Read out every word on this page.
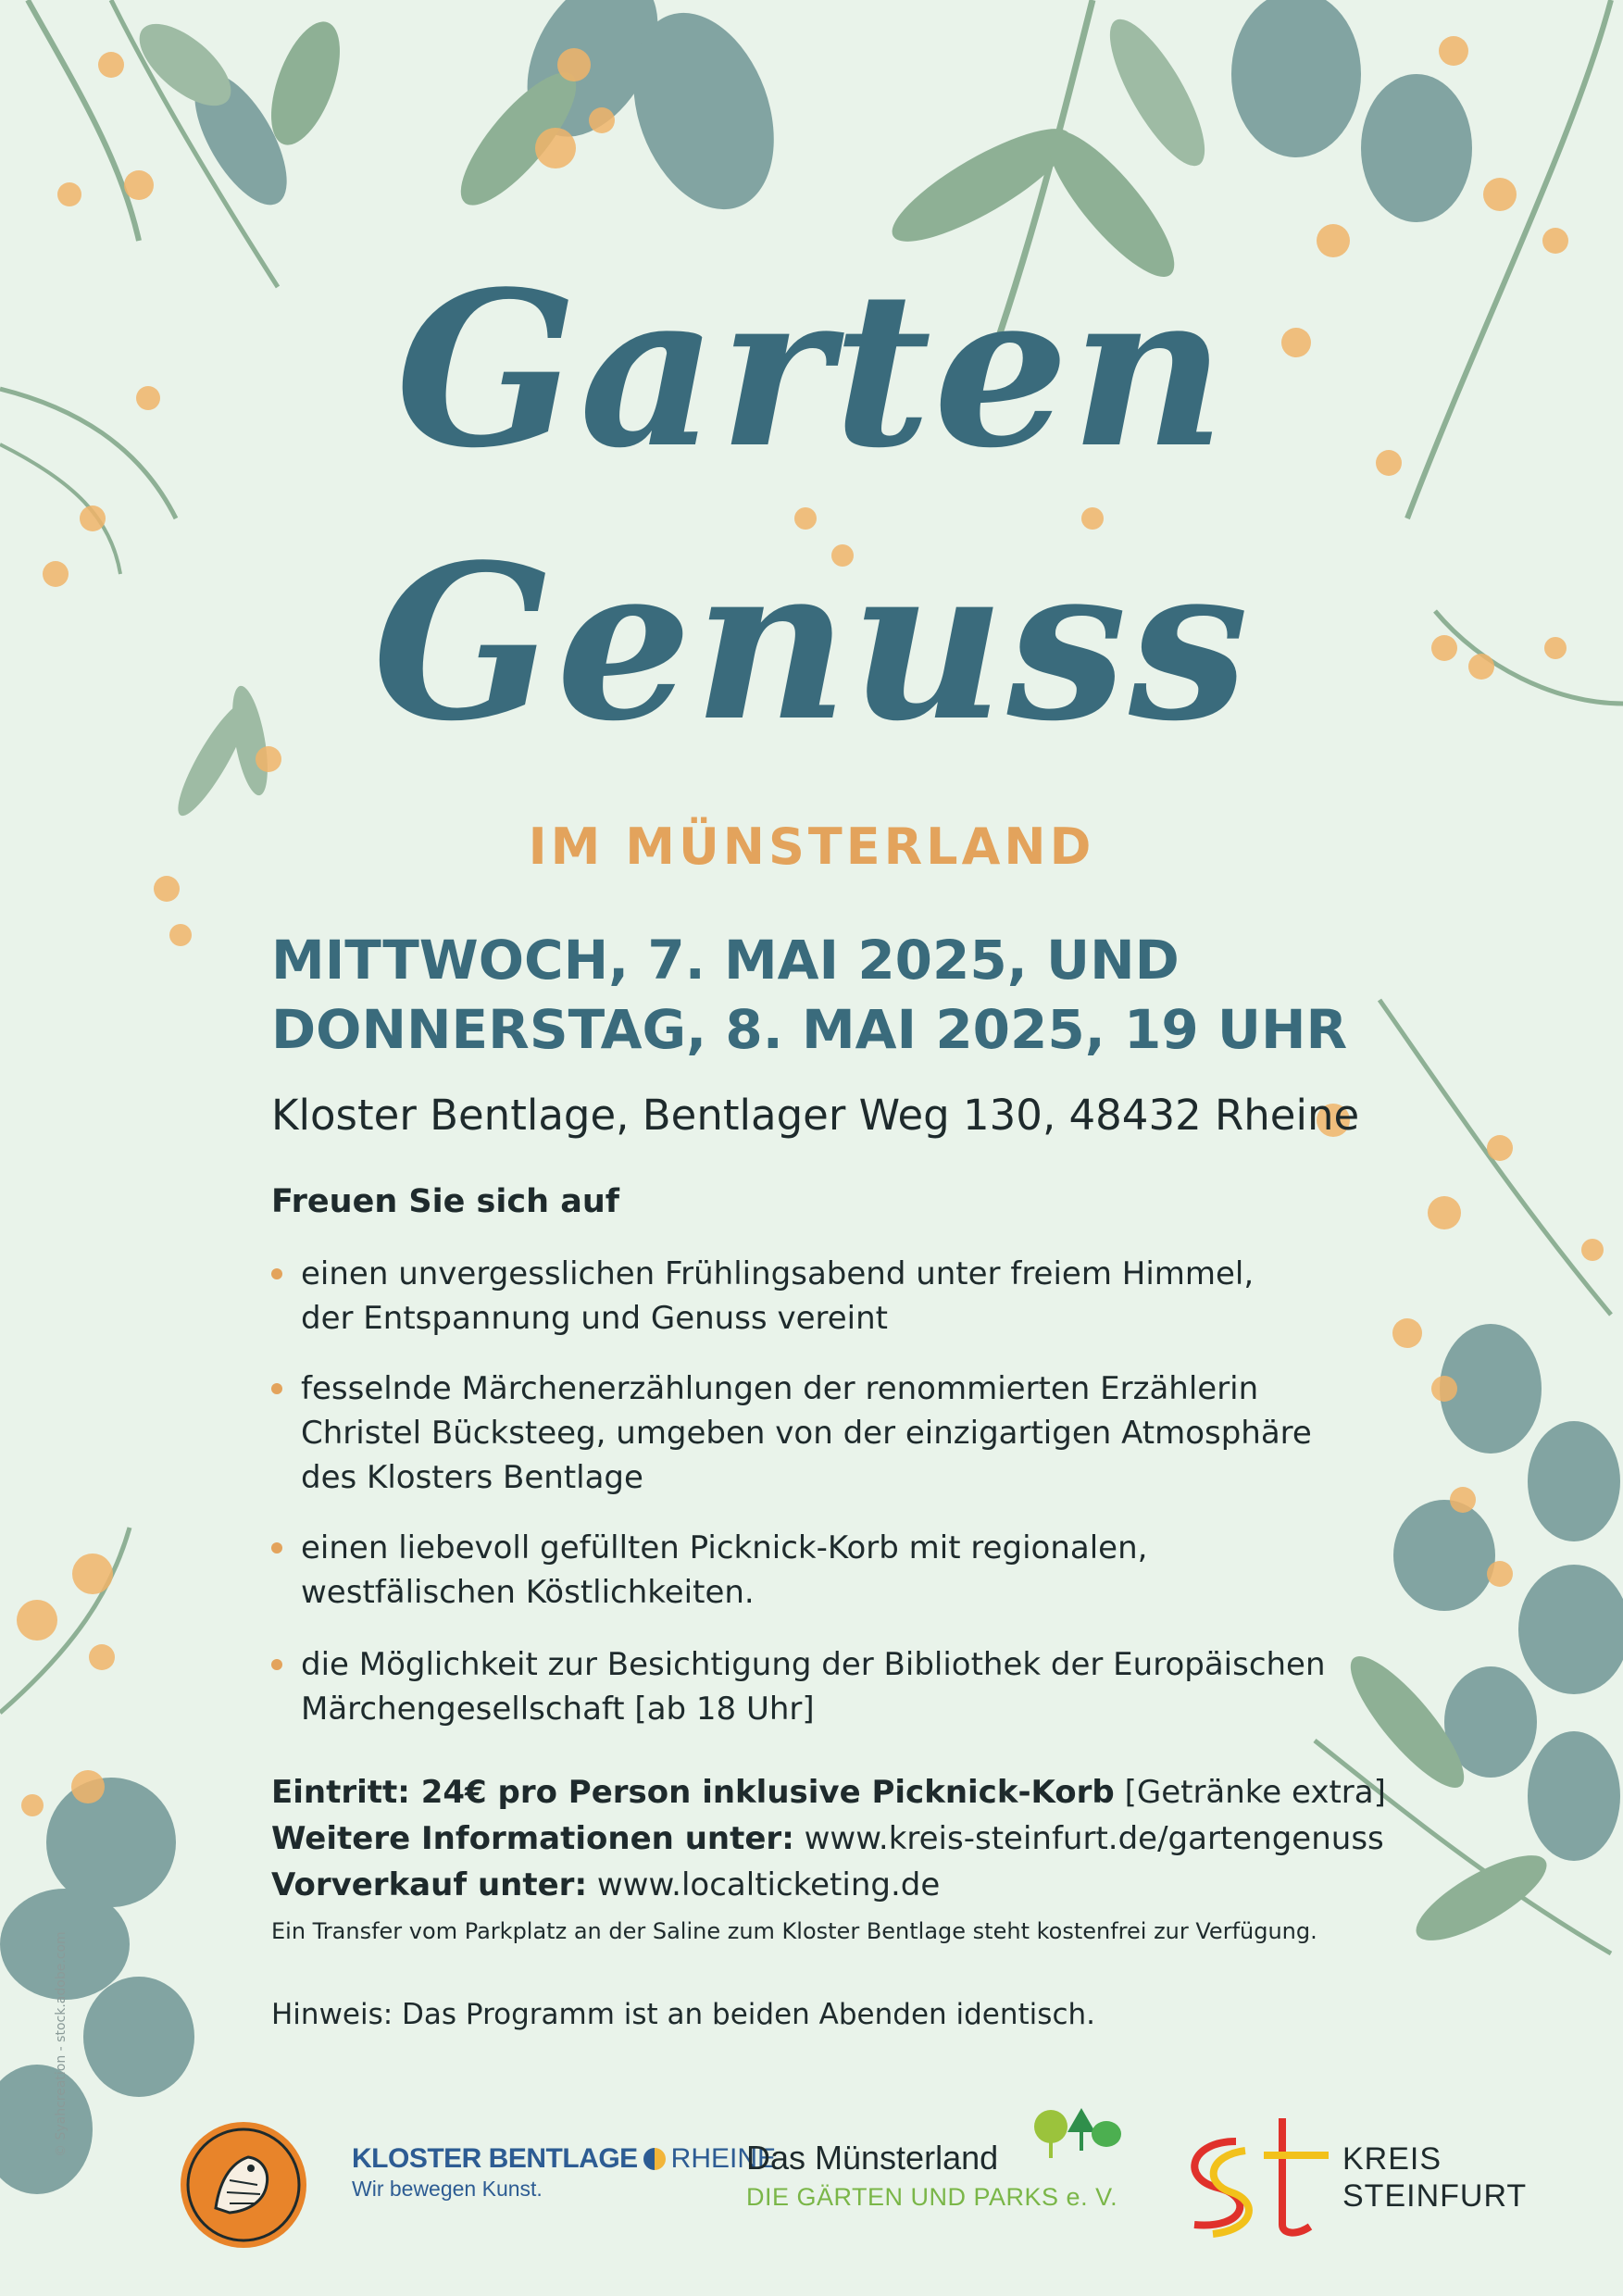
Garten
Genuss
IM MÜNSTERLAND
MITTWOCH, 7. MAI 2025, UND
DONNERSTAG, 8. MAI 2025, 19 UHR
Kloster Bentlage, Bentlager Weg 130, 48432 Rheine
Freuen Sie sich auf
einen unvergesslichen Frühlingsabend unter freiem Himmel,
der Entspannung und Genuss vereint
fesselnde Märchenerzählungen der renommierten Erzählerin
Christel Bücksteeg, umgeben von der einzigartigen Atmosphäre
des Klosters Bentlage
einen liebevoll gefüllten Picknick-Korb mit regionalen,
westfälischen Köstlichkeiten.
die Möglichkeit zur Besichtigung der Bibliothek der Europäischen
Märchengesellschaft [ab 18 Uhr]
Eintritt: 24€ pro Person inklusive Picknick-Korb [Getränke extra]
Weitere Informationen unter: www.kreis-steinfurt.de/gartengenuss
Vorverkauf unter: www.localticketing.de
Ein Transfer vom Parkplatz an der Saline zum Kloster Bentlage steht kostenfrei zur Verfügung.
Hinweis: Das Programm ist an beiden Abenden identisch.
© Syahcreation - stock.adobe.com
KLOSTER BENTLAGE RHEINE
Wir bewegen Kunst.
Das Münsterland
DIE GÄRTEN UND PARKS e. V.
KREIS
STEINFURT
